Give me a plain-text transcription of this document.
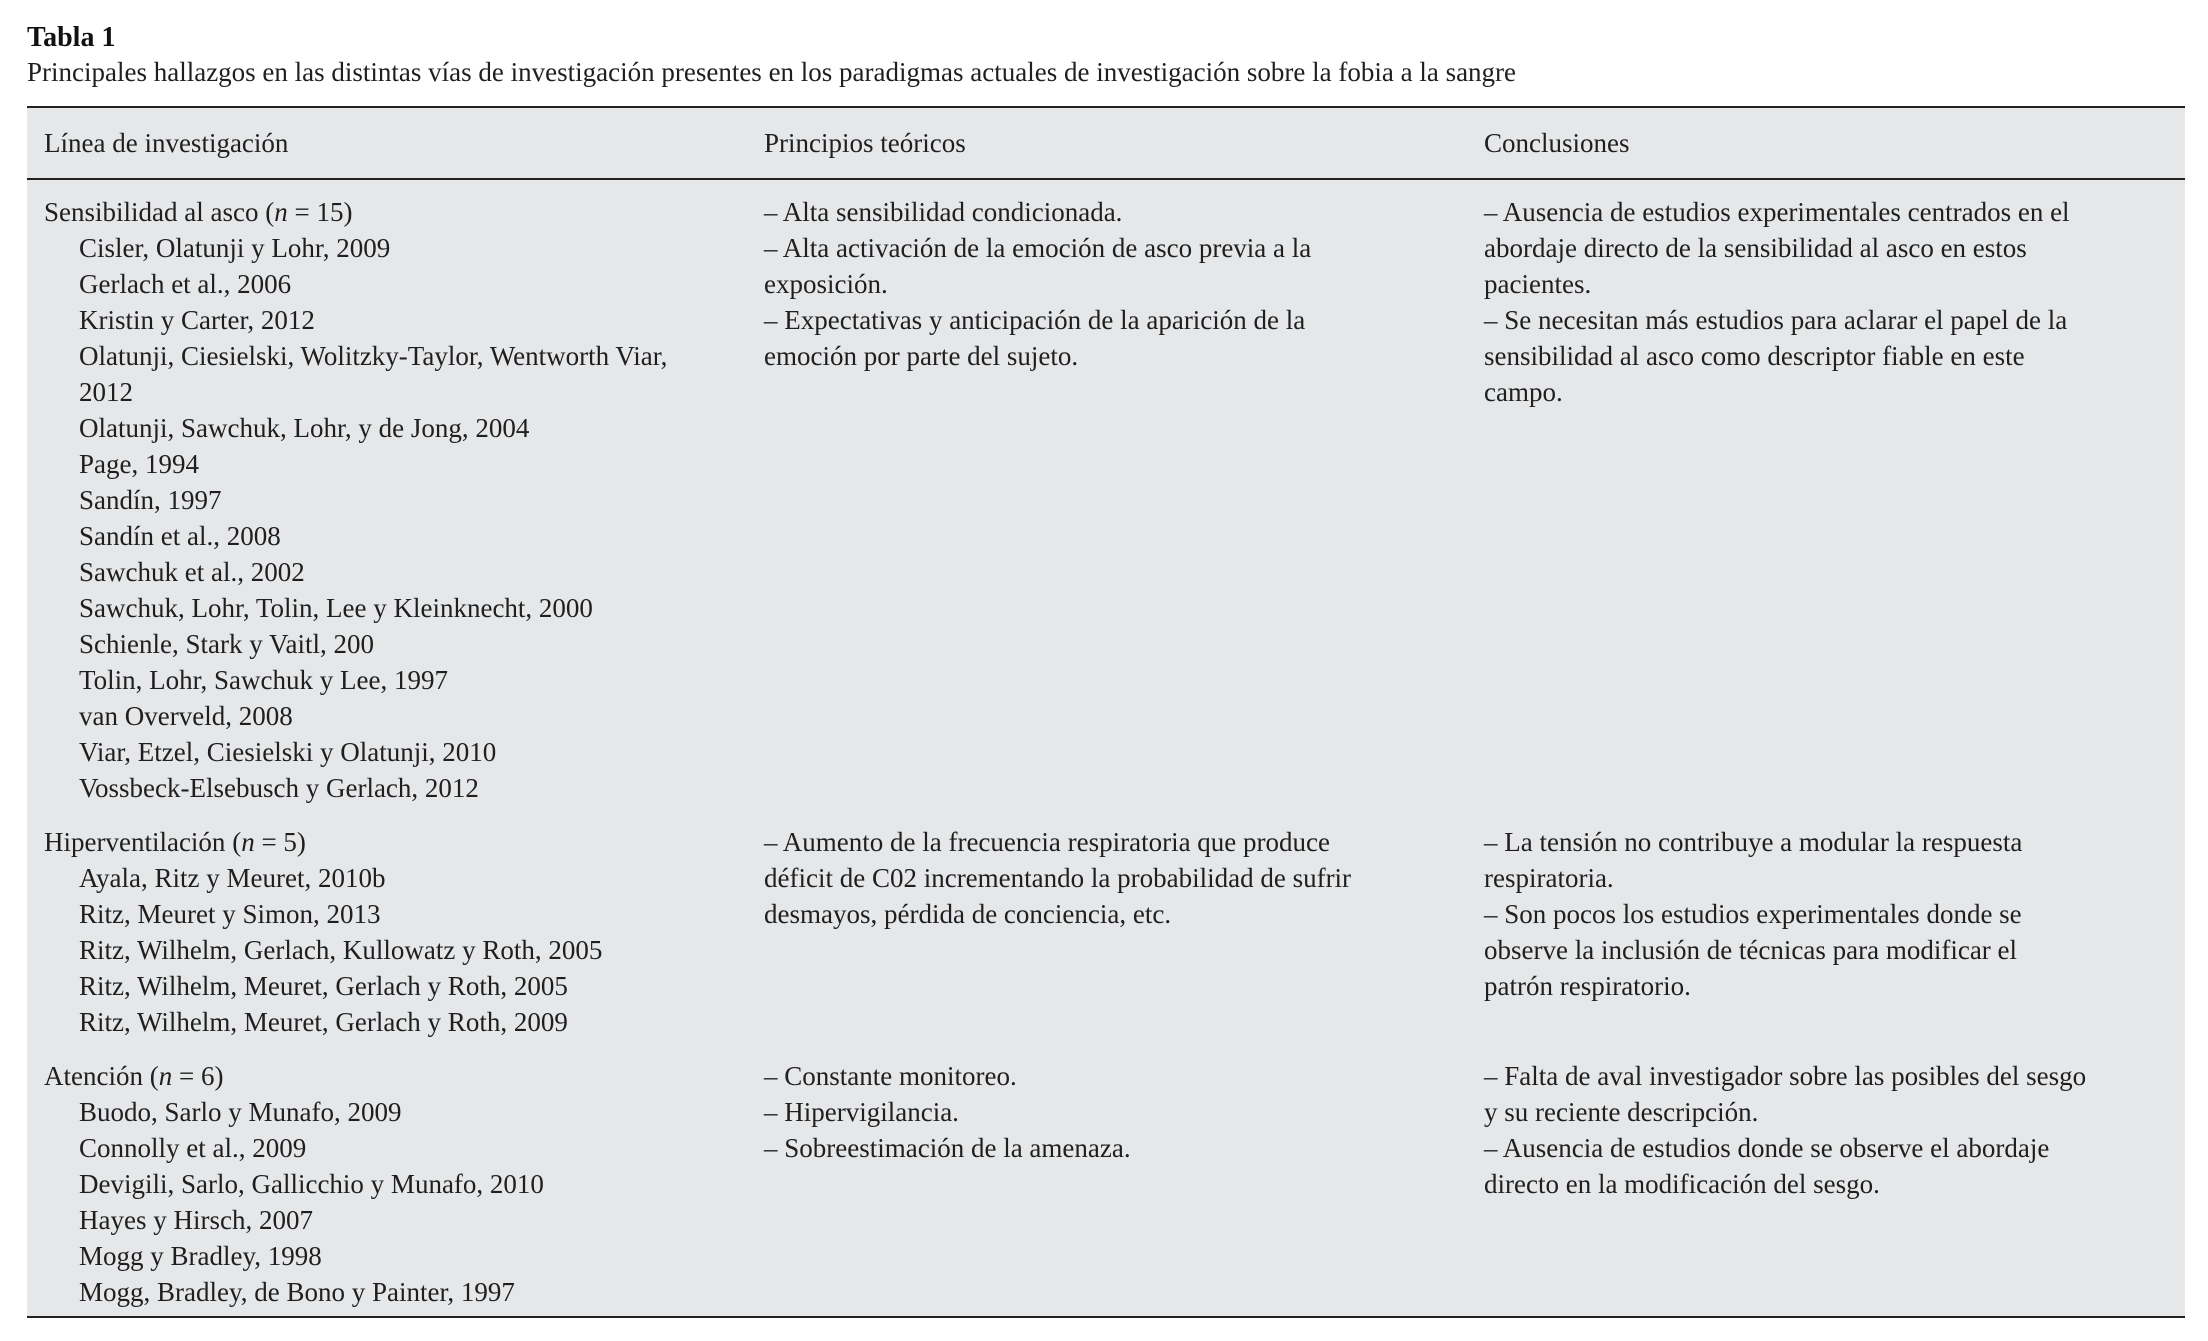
Tabla 1
Principales hallazgos en las distintas vías de investigación presentes en los paradigmas actuales de investigación sobre la fobia a la sangre
Línea de investigación	Principios teóricos	Conclusiones
Sensibilidad al asco (n = 15)
Cisler, Olatunji y Lohr, 2009
Gerlach et al., 2006
Kristin y Carter, 2012
Olatunji, Ciesielski, Wolitzky-Taylor, Wentworth Viar,
2012
Olatunji, Sawchuk, Lohr, y de Jong, 2004
Page, 1994
Sandín, 1997
Sandín et al., 2008
Sawchuk et al., 2002
Sawchuk, Lohr, Tolin, Lee y Kleinknecht, 2000
Schienle, Stark y Vaitl, 200
Tolin, Lohr, Sawchuk y Lee, 1997
van Overveld, 2008
Viar, Etzel, Ciesielski y Olatunji, 2010
Vossbeck-Elsebusch y Gerlach, 2012
– Alta sensibilidad condicionada.
– Alta activación de la emoción de asco previa a la
exposición.
– Expectativas y anticipación de la aparición de la
emoción por parte del sujeto.
– Ausencia de estudios experimentales centrados en el
abordaje directo de la sensibilidad al asco en estos
pacientes.
– Se necesitan más estudios para aclarar el papel de la
sensibilidad al asco como descriptor fiable en este
campo.
Hiperventilación (n = 5)
Ayala, Ritz y Meuret, 2010b
Ritz, Meuret y Simon, 2013
Ritz, Wilhelm, Gerlach, Kullowatz y Roth, 2005
Ritz, Wilhelm, Meuret, Gerlach y Roth, 2005
Ritz, Wilhelm, Meuret, Gerlach y Roth, 2009
– Aumento de la frecuencia respiratoria que produce
déficit de C02 incrementando la probabilidad de sufrir
desmayos, pérdida de conciencia, etc.
– La tensión no contribuye a modular la respuesta
respiratoria.
– Son pocos los estudios experimentales donde se
observe la inclusión de técnicas para modificar el
patrón respiratorio.
Atención (n = 6)
Buodo, Sarlo y Munafo, 2009
Connolly et al., 2009
Devigili, Sarlo, Gallicchio y Munafo, 2010
Hayes y Hirsch, 2007
Mogg y Bradley, 1998
Mogg, Bradley, de Bono y Painter, 1997
– Constante monitoreo.
– Hipervigilancia.
– Sobreestimación de la amenaza.
– Falta de aval investigador sobre las posibles del sesgo
y su reciente descripción.
– Ausencia de estudios donde se observe el abordaje
directo en la modificación del sesgo.
